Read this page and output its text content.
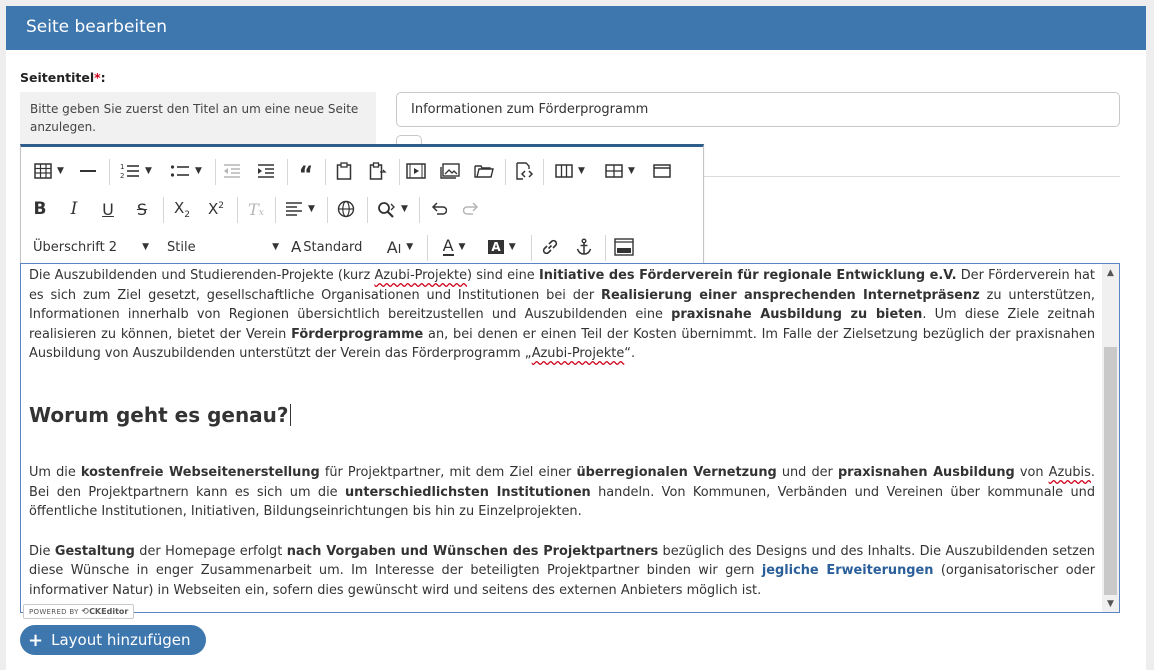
Seite bearbeiten
Seitentitel*:
Bitte geben Sie zuerst den Titel an um eine neue Seite anzulegen.
Informationen zum Förderprogramm
▼	1
2 ▼	▼	“	▼	▼
B I U S $X_2$ $X^2$ Tx	▼	▼
Überschrift 2	▼ Stile	▼ A Standard AI ▼ A ▼ A ▼

Die Auszubildenden und Studierenden-Projekte (kurz Azubi-Projekte) sind eine Initiative des Förderverein für regionale Entwicklung e.V. Der Förderverein hat es sich zum Ziel gesetzt, gesellschaftliche Organisationen und Institutionen bei der Realisierung einer ansprechenden Internetpräsenz zu unterstützen, Informationen innerhalb von Regionen übersichtlich bereitzustellen und Auszubildenden eine praxisnahe Ausbildung zu bieten. Um diese Ziele zeitnah realisieren zu können, bietet der Verein Förderprogramme an, bei denen er einen Teil der Kosten übernimmt. Im Falle der Zielsetzung bezüglich der praxisnahen Ausbildung von Auszubildenden unterstützt der Verein das Förderprogramm „Azubi-Projekte“.

Worum geht es genau?

Um die kostenfreie Webseitenerstellung für Projektpartner, mit dem Ziel einer überregionalen Vernetzung und der praxisnahen Ausbildung von Azubis. Bei den Projektpartnern kann es sich um die unterschiedlichsten Institutionen handeln. Von Kommunen, Verbänden und Vereinen über kommunale und öffentliche Institutionen, Initiativen, Bildungseinrichtungen bis hin zu Einzelprojekten.

Die Gestaltung der Homepage erfolgt nach Vorgaben und Wünschen des Projektpartners bezüglich des Designs und des Inhalts. Die Auszubildenden setzen diese Wünsche in enger Zusammenarbeit um. Im Interesse der beteiligten Projektpartner binden wir gern jegliche Erweiterungen (organisatorischer oder informativer Natur) in Webseiten ein, sofern dies gewünscht wird und seitens des externen Anbieters möglich ist.

▲
▼
POWERED BY ⟲CKEditor
+ Layout hinzufügen
